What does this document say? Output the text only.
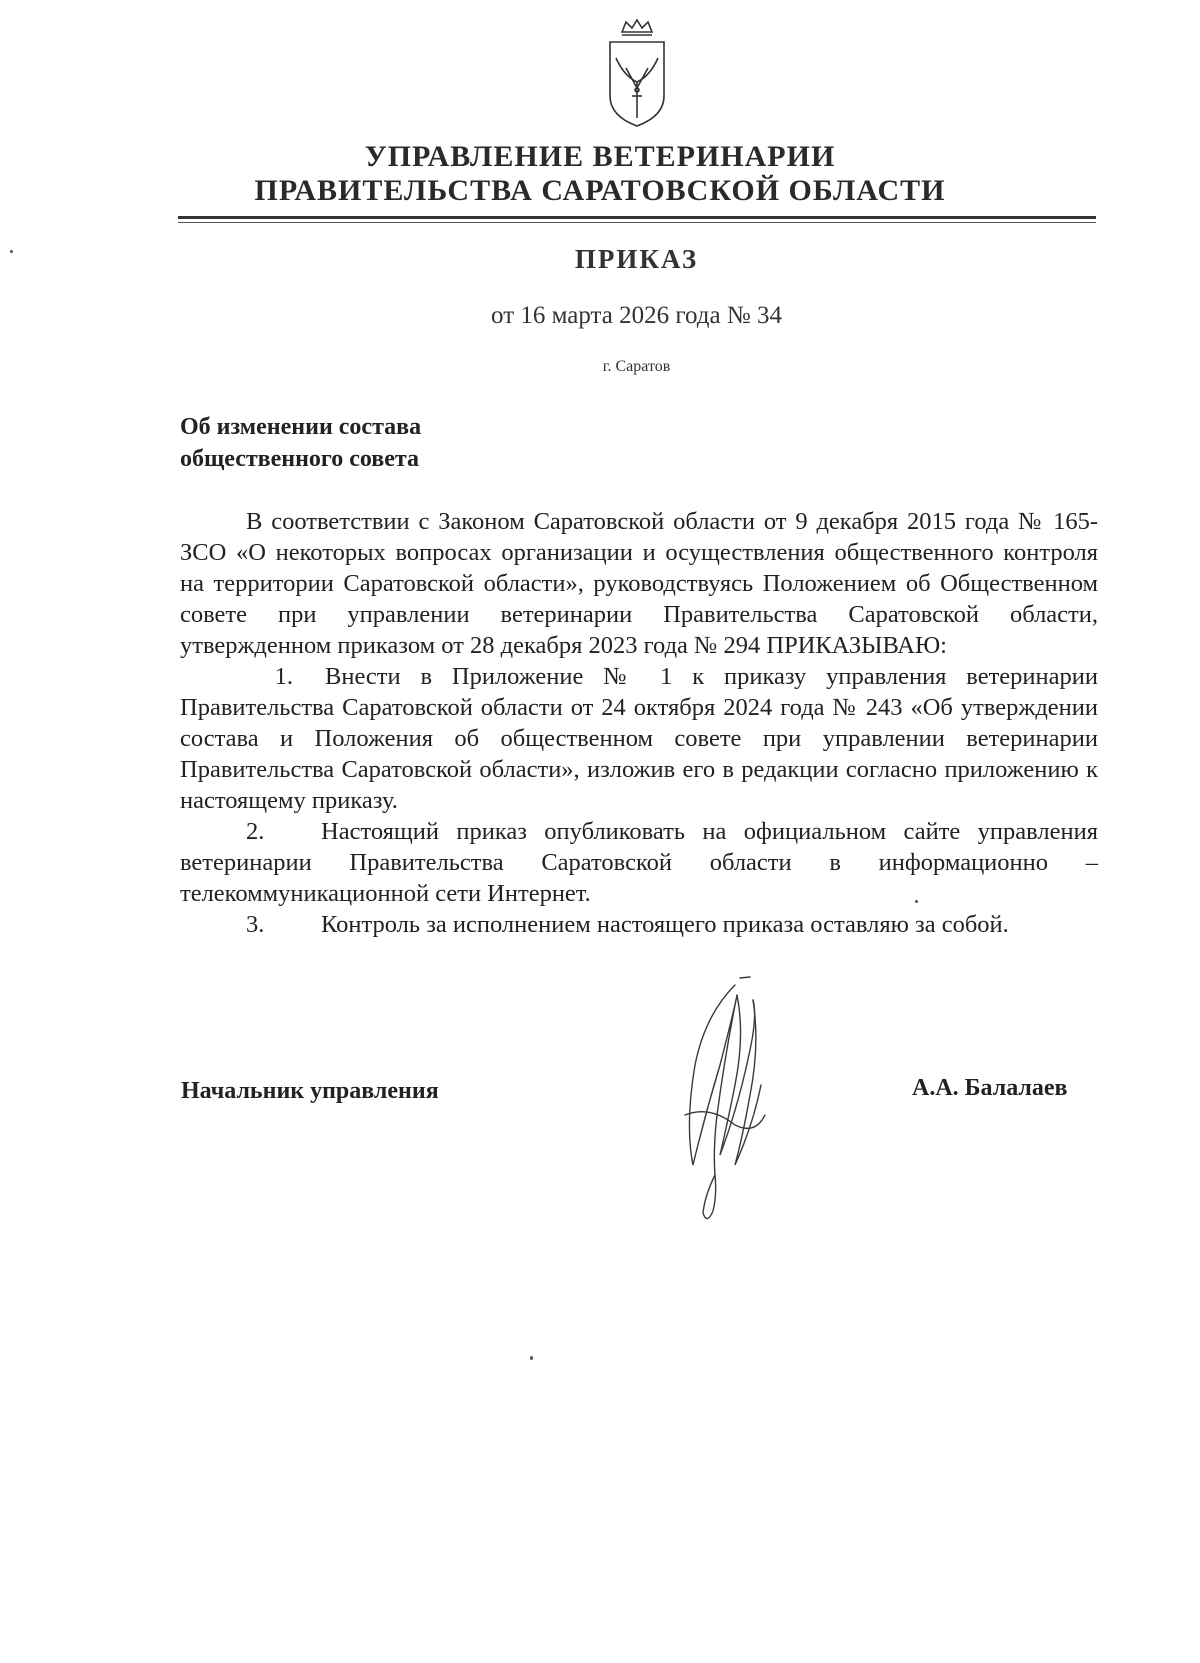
УПРАВЛЕНИЕ ВЕТЕРИНАРИИ
ПРАВИТЕЛЬСТВА САРАТОВСКОЙ ОБЛАСТИ
ПРИКАЗ
от 16 марта 2026 года № 34
г. Саратов
Об изменении состава
общественного совета

В соответствии с Законом Саратовской области от 9 декабря 2015 года № 165-ЗСО «О некоторых вопросах организации и осуществления общественного контроля на территории Саратовской области», руководствуясь Положением об Общественном совете при управлении ветеринарии Правительства Саратовской области, утвержденном приказом от 28 декабря 2023 года № 294 ПРИКАЗЫВАЮ:

1. Внести в Приложение № 1 к приказу управления ветеринарии Правительства Саратовской области от 24 октября 2024 года № 243 «Об утверждении состава и Положения об общественном совете при управлении ветеринарии Правительства Саратовской области», изложив его в редакции согласно приложению к настоящему приказу.

2. Настоящий приказ опубликовать на официальном сайте управления ветеринарии Правительства Саратовской области в информационно – телекоммуникационной сети Интернет.

3. Контроль за исполнением настоящего приказа оставляю за собой.

Начальник управления	А.А. Балалаев
